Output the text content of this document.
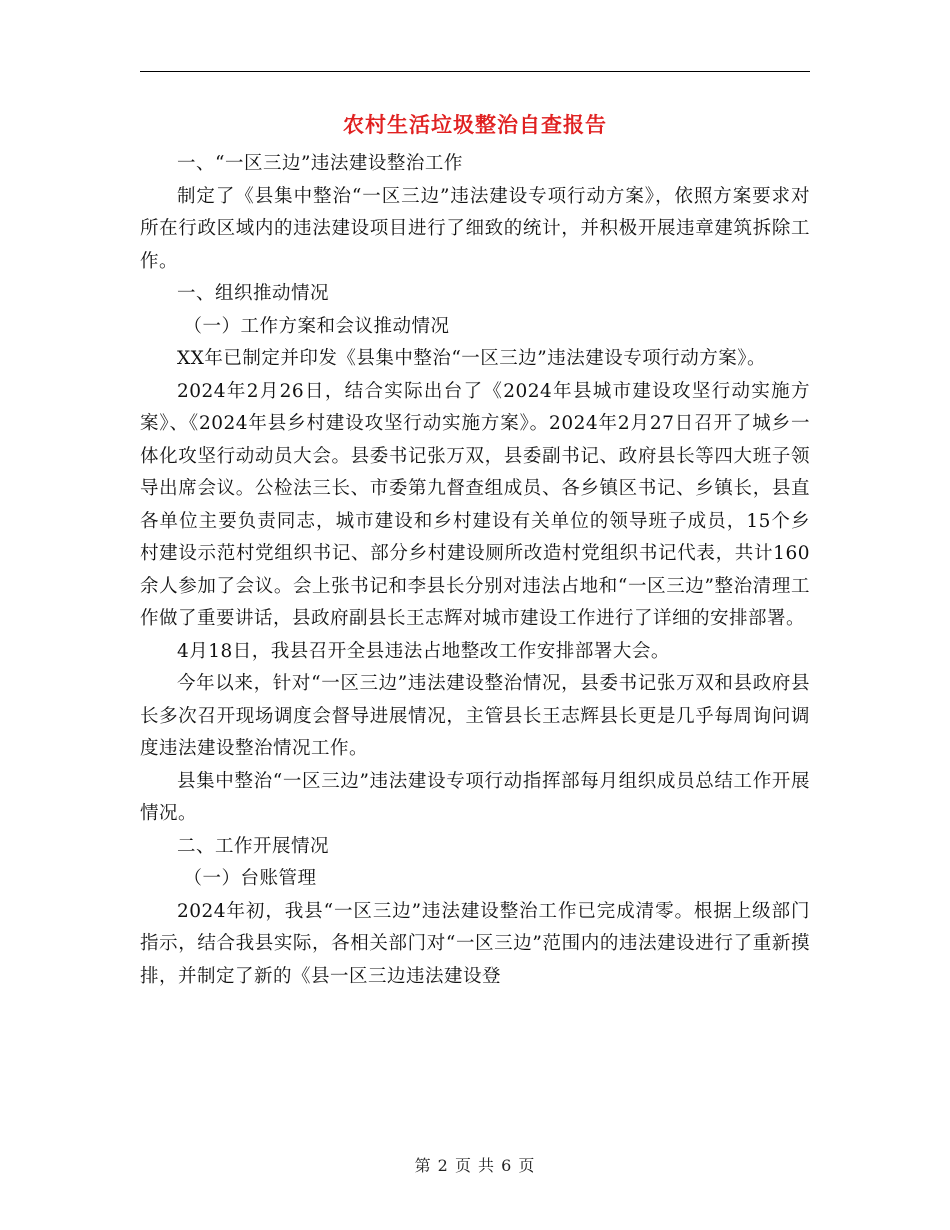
农村生活垃圾整治自查报告

一、“一区三边”违法建设整治工作

制定了《县集中整治“一区三边”违法建设专项行动方案》，依照方案要求对所在行政区域内的违法建设项目进行了细致的统计，并积极开展违章建筑拆除工作。

一、组织推动情况

（一）工作方案和会议推动情况

XX年已制定并印发《县集中整治“一区三边”违法建设专项行动方案》。

2024年2月26日，结合实际出台了《2024年县城市建设攻坚行动实施方案》、《2024年县乡村建设攻坚行动实施方案》。2024年2月27日召开了城乡一体化攻坚行动动员大会。县委书记张万双，县委副书记、政府县长等四大班子领导出席会议。公检法三长、市委第九督查组成员、各乡镇区书记、乡镇长，县直各单位主要负责同志，城市建设和乡村建设有关单位的领导班子成员，15个乡村建设示范村党组织书记、部分乡村建设厕所改造村党组织书记代表，共计160余人参加了会议。会上张书记和李县长分别对违法占地和“一区三边”整治清理工作做了重要讲话，县政府副县长王志辉对城市建设工作进行了详细的安排部署。

4月18日，我县召开全县违法占地整改工作安排部署大会。

今年以来，针对“一区三边”违法建设整治情况，县委书记张万双和县政府县长多次召开现场调度会督导进展情况，主管县长王志辉县长更是几乎每周询问调度违法建设整治情况工作。

县集中整治“一区三边”违法建设专项行动指挥部每月组织成员总结工作开展情况。

二、工作开展情况

（一）台账管理

2024年初，我县“一区三边”违法建设整治工作已完成清零。根据上级部门指示，结合我县实际，各相关部门对“一区三边”范围内的违法建设进行了重新摸排，并制定了新的《县一区三边违法建设登

第 2 页 共 6 页
